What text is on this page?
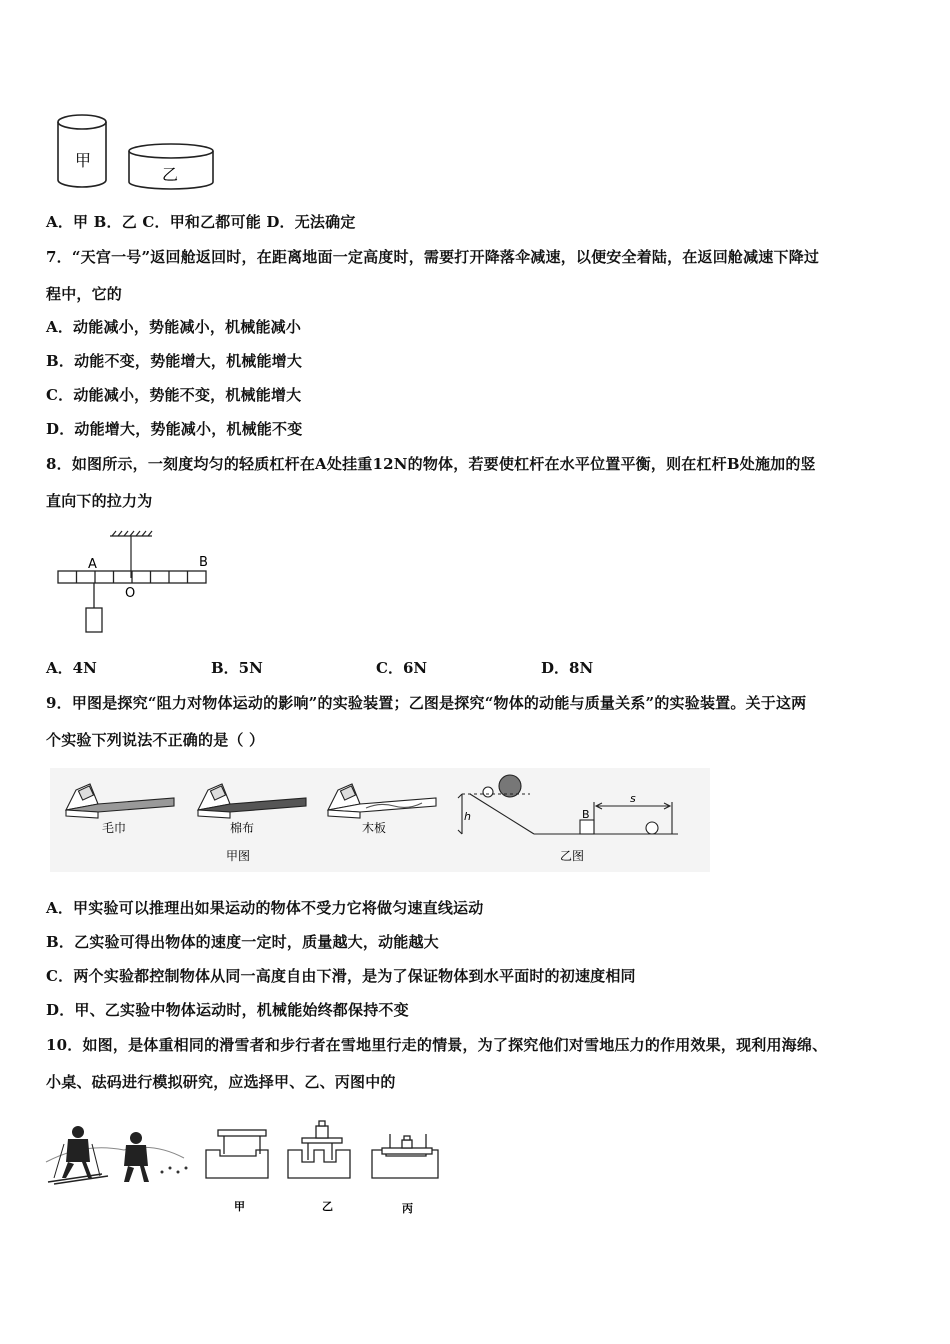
甲
乙
A．甲 B．乙 C．甲和乙都可能 D．无法确定
7．“天宫一号”返回舱返回时，在距离地面一定高度时，需要打开降落伞减速，以便安全着陆，在返回舱减速下降过
程中，它的
A．动能减小，势能减小，机械能减小
B．动能不变，势能增大，机械能增大
C．动能减小，势能不变，机械能增大
D．动能增大，势能减小，机械能不变
8．如图所示，一刻度均匀的轻质杠杆在A处挂重12N的物体，若要使杠杆在水平位置平衡，则在杠杆B处施加的竖
直向下的拉力为
A	B
O
A．4N	B．5N	C．6N	D．8N
9．甲图是探究“阻力对物体运动的影响”的实验装置；乙图是探究“物体的动能与质量关系”的实验装置。关于这两
个实验下列说法不正确的是（ ）
毛巾	棉布	木板
甲图
h	B
s
乙图
A．甲实验可以推理出如果运动的物体不受力它将做匀速直线运动
B．乙实验可得出物体的速度一定时，质量越大，动能越大
C．两个实验都控制物体从同一高度自由下滑，是为了保证物体到水平面时的初速度相同
D．甲、乙实验中物体运动时，机械能始终都保持不变
10．如图，是体重相同的滑雪者和步行者在雪地里行走的情景，为了探究他们对雪地压力的作用效果，现利用海绵、
小桌、砝码进行模拟研究，应选择甲、乙、丙图中的
甲	乙	丙
